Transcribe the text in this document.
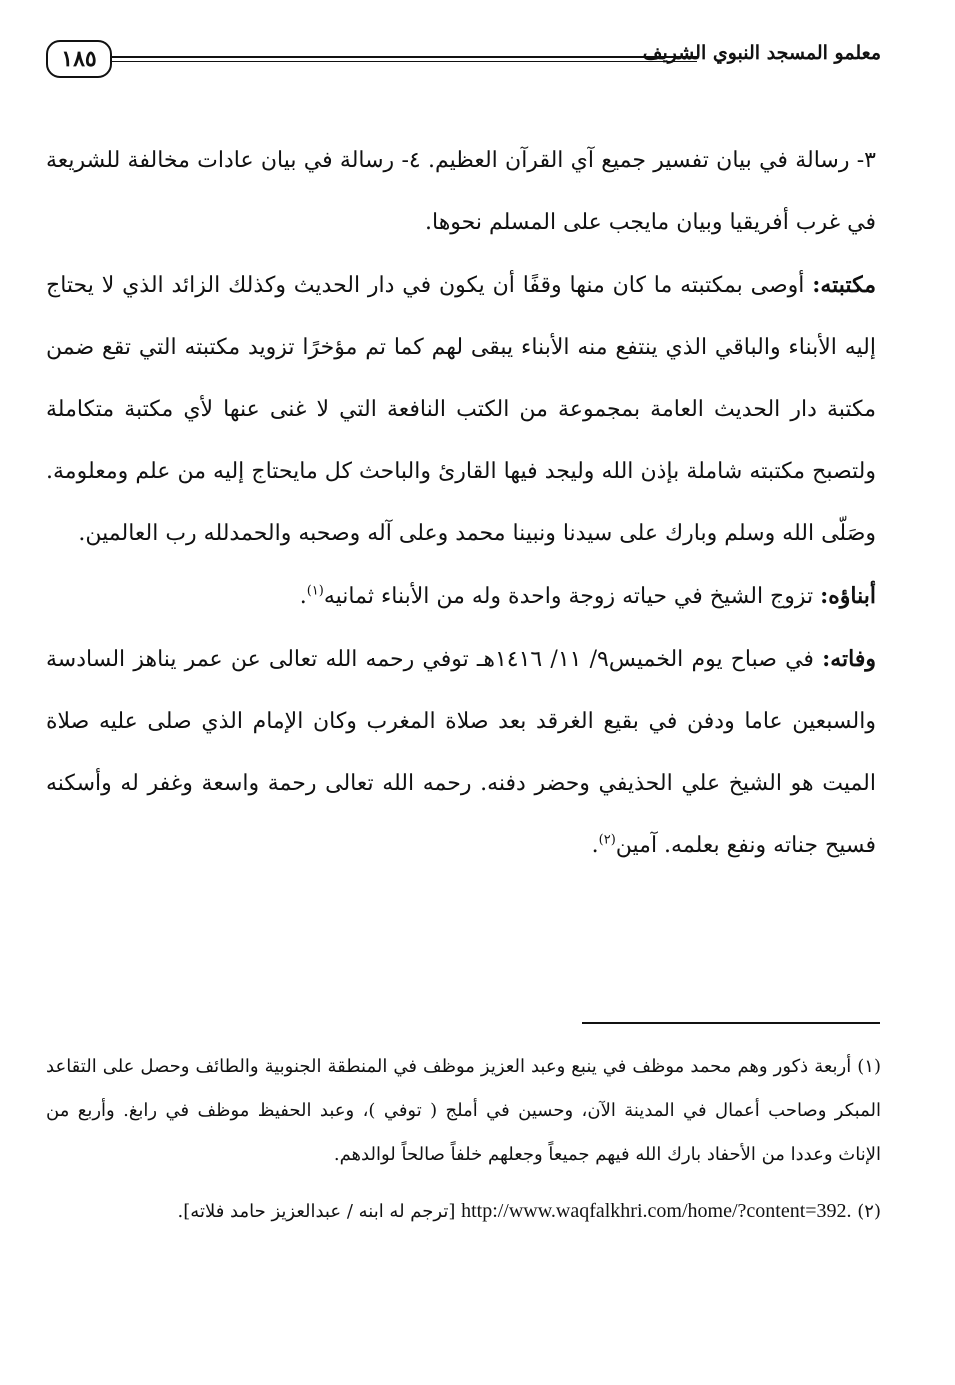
١٨٥	معلمو المسجد النبوي الشريف

٣- رسالة في بيان تفسير جميع آي القرآن العظيم. ٤- رسالة في بيان عادات مخالفة للشريعة في غرب أفريقيا وبيان مايجب على المسلم نحوها.

مكتبته: أوصى بمكتبته ما كان منها وقفًا أن يكون في دار الحديث وكذلك الزائد الذي لا يحتاج إليه الأبناء والباقي الذي ينتفع منه الأبناء يبقى لهم كما تم مؤخرًا تزويد مكتبته التي تقع ضمن مكتبة دار الحديث العامة بمجموعة من الكتب النافعة التي لا غنى عنها لأي مكتبة متكاملة ولتصبح مكتبته شاملة بإذن الله وليجد فيها القارئ والباحث كل مايحتاج إليه من علم ومعلومة. وصَلّى الله وسلم وبارك على سيدنا ونبينا محمد وعلى آله وصحبه والحمدلله رب العالمين.

أبناؤه: تزوج الشيخ في حياته زوجة واحدة وله من الأبناء ثمانيه$^{(١)}$.

وفاته: في صباح يوم الخميس٩/ ١١/ ١٤١٦هـ توفي رحمه الله تعالى عن عمر يناهز السادسة والسبعين عاما ودفن في بقيع الغرقد بعد صلاة المغرب وكان الإمام الذي صلى عليه صلاة الميت هو الشيخ علي الحذيفي وحضر دفنه. رحمه الله تعالى رحمة واسعة وغفر له وأسكنه فسيح جناته ونفع بعلمه. آمين$^{(٢)}$.

(١) أربعة ذكور وهم محمد موظف في ينبع وعبد العزيز موظف في المنطقة الجنوبية والطائف وحصل على التقاعد المبكر وصاحب أعمال في المدينة الآن، وحسين في أملج ( توفي )، وعبد الحفيظ موظف في رابغ. وأربع من الإناث وعددا من الأحفاد بارك الله فيهم جميعاً وجعلهم خلفاً صالحاً لوالدهم.

(٢) http://www.waqfalkhri.com/home/?content=392. [ترجم له ابنه / عبدالعزيز حامد فلاته].
